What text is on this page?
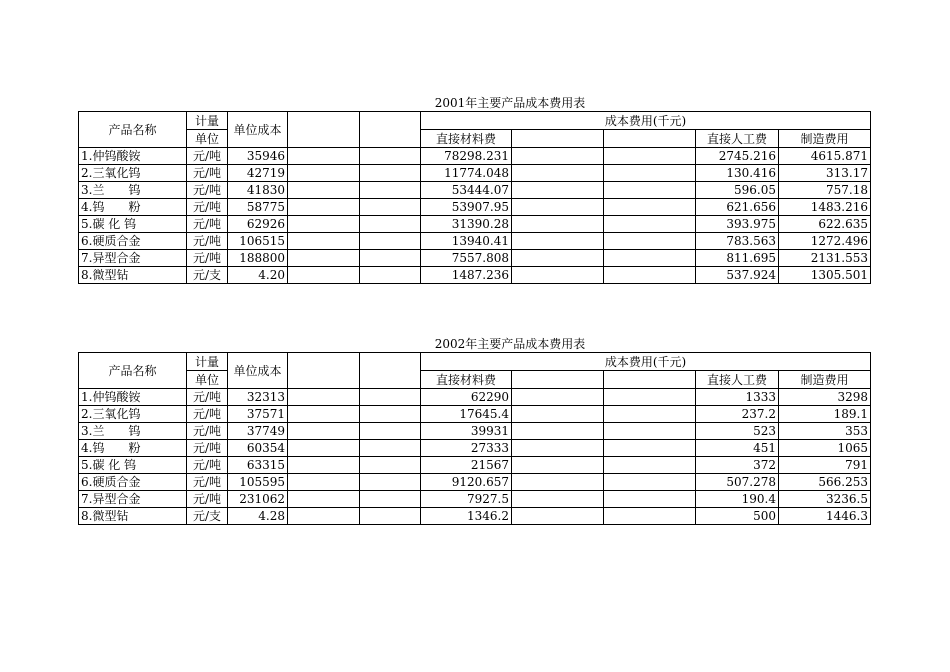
2001年主要产品成本费用表
产品名称	计量	单位成本			成本费用(千元)				
	单位				直接材料费			直接人工费	制造费用
1.仲钨酸铵	元/吨	35946			78298.231			2745.216	4615.871
2.三氧化钨	元/吨	42719			11774.048			130.416	313.17
3.兰　　钨	元/吨	41830			53444.07			596.05	757.18
4.钨　　粉	元/吨	58775			53907.95			621.656	1483.216
5.碳 化 钨	元/吨	62926			31390.28			393.975	622.635
6.硬质合金	元/吨	106515			13940.41			783.563	1272.496
7.异型合金	元/吨	188800			7557.808			811.695	2131.553
8.微型钻	元/支	4.20			1487.236			537.924	1305.501
2002年主要产品成本费用表
产品名称	计量	单位成本			成本费用(千元)				
	单位				直接材料费			直接人工费	制造费用
1.仲钨酸铵	元/吨	32313			62290			1333	3298
2.三氧化钨	元/吨	37571			17645.4			237.2	189.1
3.兰　　钨	元/吨	37749			39931			523	353
4.钨　　粉	元/吨	60354			27333			451	1065
5.碳 化 钨	元/吨	63315			21567			372	791
6.硬质合金	元/吨	105595			9120.657			507.278	566.253
7.异型合金	元/吨	231062			7927.5			190.4	3236.5
8.微型钻	元/支	4.28			1346.2			500	1446.3
